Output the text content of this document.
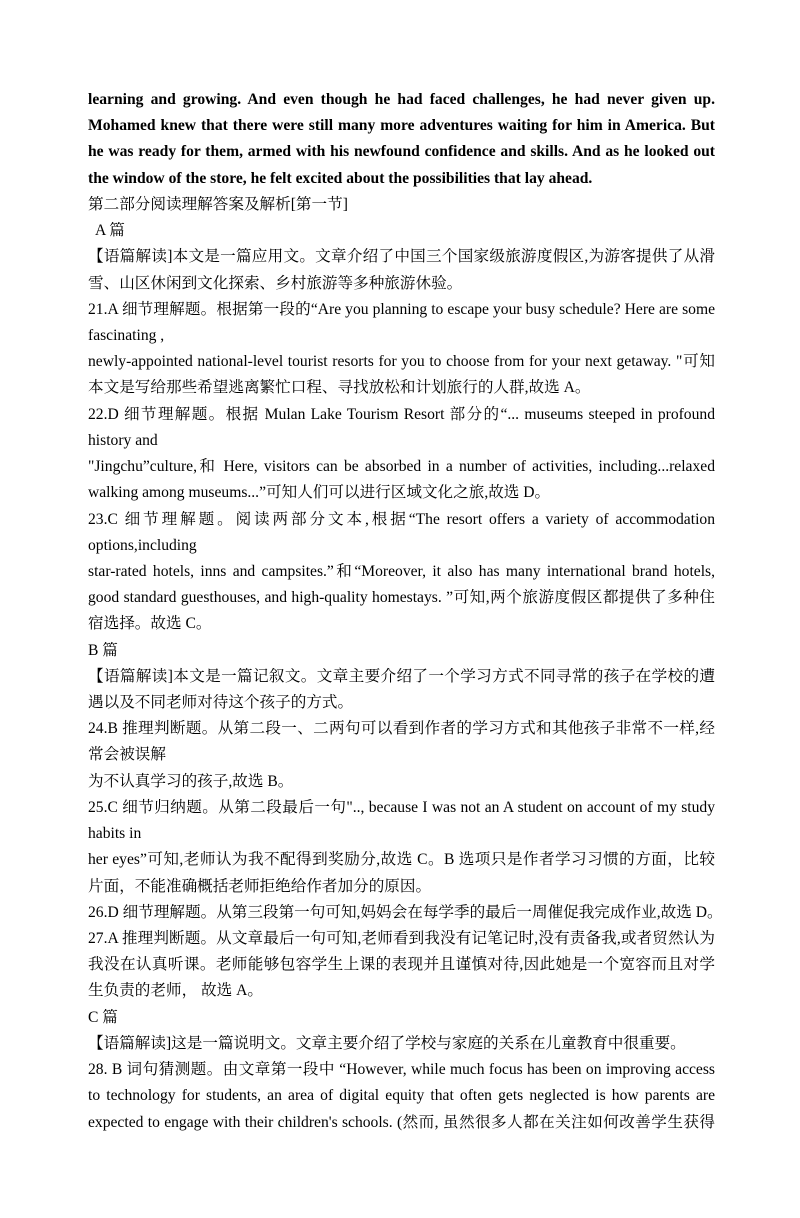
learning and growing. And even though he had faced challenges, he had never given up.
Mohamed knew that there were still many more adventures waiting for him in America. But
he was ready for them, armed with his newfound confidence and skills. And as he looked out
the window of the store, he felt excited about the possibilities that lay ahead.
第二部分阅读理解答案及解析[第一节]
A 篇
【语篇解读]本文是一篇应用文。文章介绍了中国三个国家级旅游度假区,为游客提供了从滑
雪、山区休闲到文化探索、乡村旅游等多种旅游休验。
21.A 细节理解题。根据第一段的“Are you planning to escape your busy schedule? Here are some
fascinating ,
newly-appointed national-level tourist resorts for you to choose from for your next getaway. "可知
本文是写给那些希望逃离繁忙口程、寻找放松和计划旅行的人群,故选 A。
22.D 细节理解题。根据 Mulan Lake Tourism Resort 部分的“... museums steeped in profound
history and
"Jingchu”culture,和 Here, visitors can be absorbed in a number of activities, including...relaxed
walking among museums...”可知人们可以进行区域文化之旅,故选 D。
23.C 细节理解题。阅读两部分文本,根据“The resort offers a variety of accommodation
options,including
star-rated hotels, inns and campsites.”和“Moreover, it also has many international brand hotels,
good standard guesthouses, and high-quality homestays. ”可知,两个旅游度假区都提供了多种住
宿选择。故选 C。
B 篇
【语篇解读]本文是一篇记叙文。文章主要介绍了一个学习方式不同寻常的孩子在学校的遭
遇以及不同老师对待这个孩子的方式。
24.B 推理判断题。从第二段一、二两句可以看到作者的学习方式和其他孩子非常不一样,经
常会被误解
为不认真学习的孩子,故选 B。
25.C 细节归纳题。从第二段最后一句".., because I was not an A student on account of my study
habits in
her eyes”可知,老师认为我不配得到奖励分,故选 C。B 选项只是作者学习习惯的方面，比较
片面，不能准确概括老师拒绝给作者加分的原因。
26.D 细节理解题。从第三段第一句可知,妈妈会在每学季的最后一周催促我完成作业,故选 D。
27.A 推理判断题。从文章最后一句可知,老师看到我没有记笔记时,没有责备我,或者贸然认为
我没在认真听课。老师能够包容学生上课的表现并且谨慎对待,因此她是一个宽容而且对学
生负责的老师， 故选 A。
C 篇
【语篇解读]这是一篇说明文。文章主要介绍了学校与家庭的关系在儿童教育中很重要。
28. B 词句猜测题。由文章第一段中 “However, while much focus has been on improving access
to technology for students, an area of digital equity that often gets neglected is how parents are
expected to engage with their children's schools. (然而, 虽然很多人都在关注如何改善学生获得
